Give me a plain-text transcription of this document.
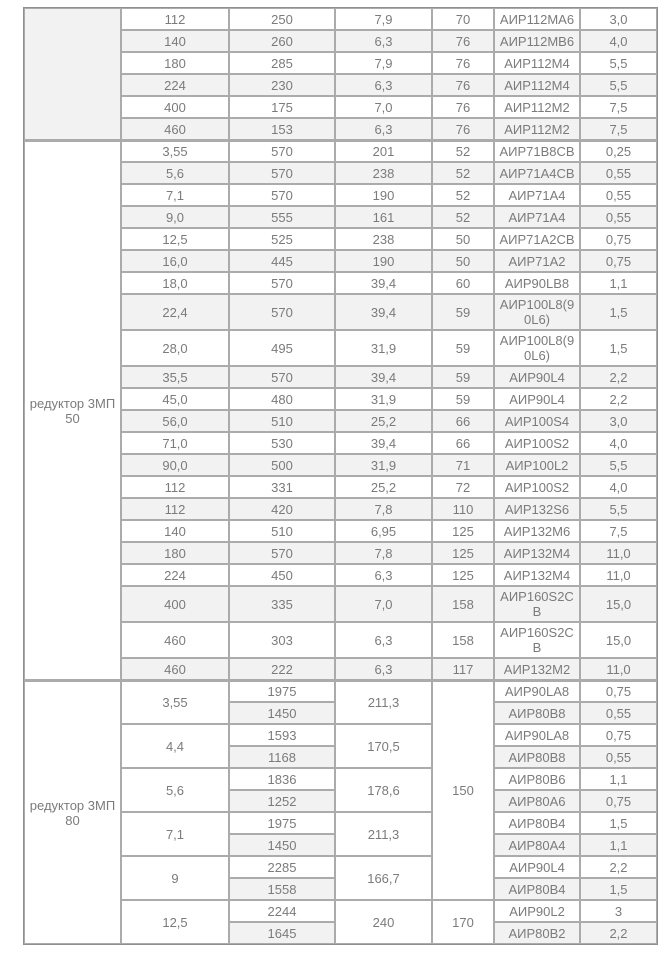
	112	250	7,9	70	АИР112МА6	3,0
	140	260	6,3	76	АИР112МВ6	4,0
	180	285	7,9	76	АИР112М4	5,5
	224	230	6,3	76	АИР112М4	5,5
	400	175	7,0	76	АИР112М2	7,5
	460	153	6,3	76	АИР112М2	7,5
редуктор 3МП 50	3,55	570	201	52	АИР71В8СВ	0,25
	5,6	570	238	52	АИР71А4СВ	0,55
	7,1	570	190	52	АИР71А4	0,55
	9,0	555	161	52	АИР71А4	0,55
	12,5	525	238	50	АИР71А2СВ	0,75
	16,0	445	190	50	АИР71А2	0,75
	18,0	570	39,4	60	АИР90LB8	1,1
	22,4	570	39,4	59	АИР100L8(90L6)	1,5
	28,0	495	31,9	59	АИР100L8(90L6)	1,5
	35,5	570	39,4	59	АИР90L4	2,2
	45,0	480	31,9	59	АИР90L4	2,2
	56,0	510	25,2	66	АИР100S4	3,0
	71,0	530	39,4	66	АИР100S2	4,0
	90,0	500	31,9	71	АИР100L2	5,5
	112	331	25,2	72	АИР100S2	4,0
	112	420	7,8	110	АИР132S6	5,5
	140	510	6,95	125	АИР132М6	7,5
	180	570	7,8	125	АИР132М4	11,0
	224	450	6,3	125	АИР132М4	11,0
	400	335	7,0	158	АИР160S2СВ	15,0
	460	303	6,3	158	АИР160S2СВ	15,0
	460	222	6,3	117	АИР132М2	11,0
редуктор 3МП 80	3,55	1975	211,3	150	АИР90LA8	0,75
		1450			АИР80В8	0,55
	4,4	1593	170,5		АИР90LA8	0,75
		1168			АИР80В8	0,55
	5,6	1836	178,6		АИР80В6	1,1
		1252			АИР80А6	0,75
	7,1	1975	211,3		АИР80В4	1,5
		1450			АИР80А4	1,1
	9	2285	166,7		АИР90L4	2,2
		1558			АИР80В4	1,5
	12,5	2244	240	170	АИР90L2	3
		1645			АИР80В2	2,2
